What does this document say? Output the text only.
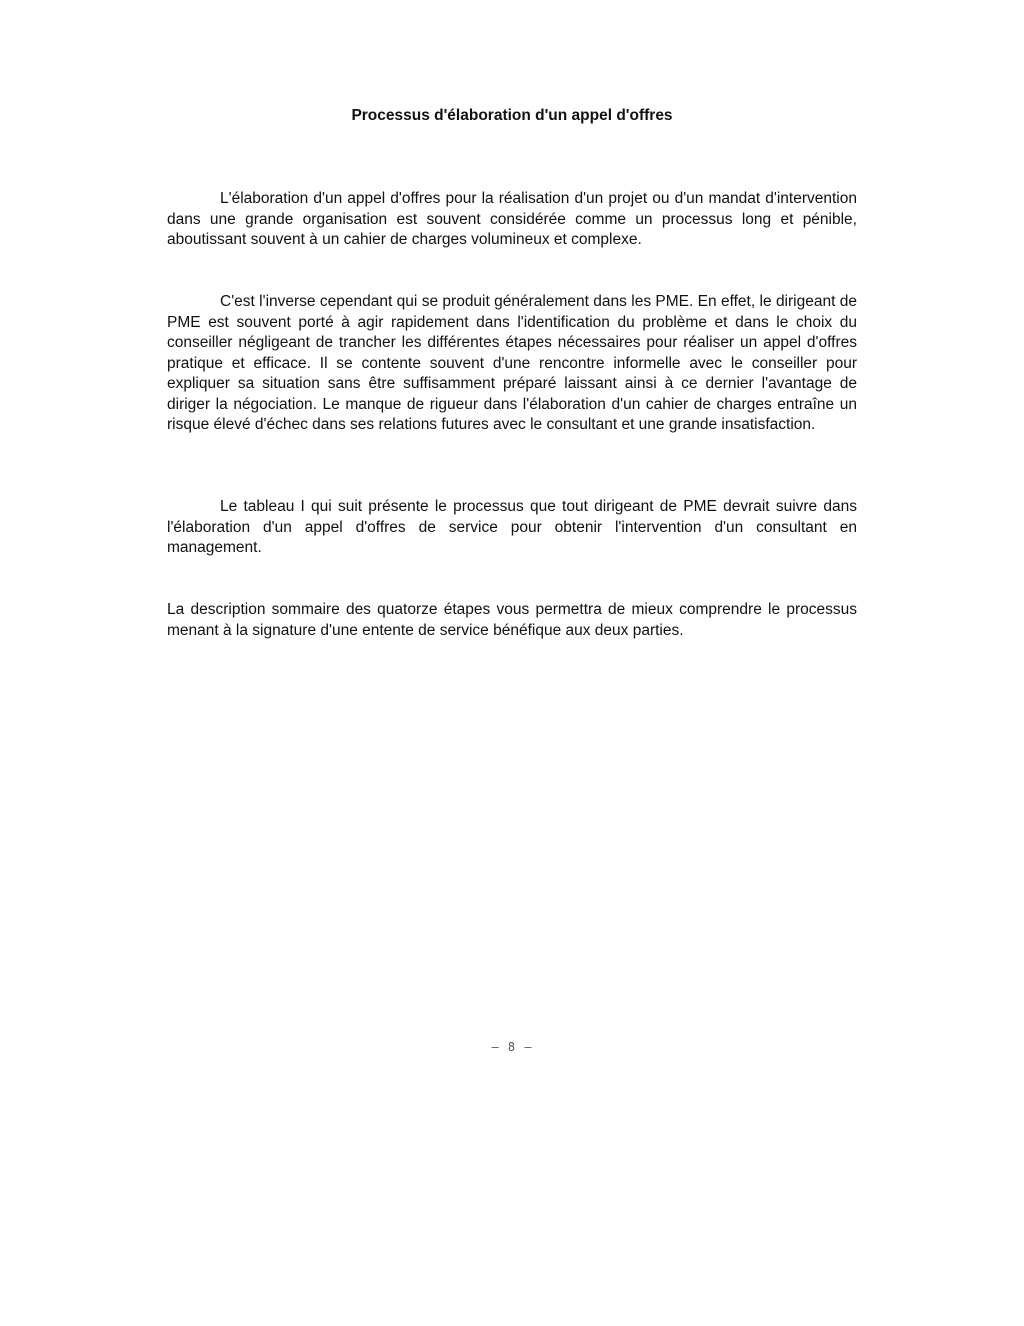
Processus d'élaboration d'un appel d'offres

L'élaboration d'un appel d'offres pour la réalisation d'un projet ou d'un mandat d'intervention dans une grande organisation est souvent considérée comme un processus long et pénible, aboutissant souvent à un cahier de charges volumineux et complexe.

C'est l'inverse cependant qui se produit généralement dans les PME. En effet, le dirigeant de PME est souvent porté à agir rapidement dans l'identification du problème et dans le choix du conseiller négligeant de trancher les différentes étapes nécessaires pour réaliser un appel d'offres pratique et efficace. Il se contente souvent d'une rencontre informelle avec le conseiller pour expliquer sa situation sans être suffisamment préparé laissant ainsi à ce dernier l'avantage de diriger la négociation. Le manque de rigueur dans l'élaboration d'un cahier de charges entraîne un risque élevé d'échec dans ses relations futures avec le consultant et une grande insatisfaction.

Le tableau I qui suit présente le processus que tout dirigeant de PME devrait suivre dans l'élaboration d'un appel d'offres de service pour obtenir l'intervention d'un consultant en management.

La description sommaire des quatorze étapes vous permettra de mieux comprendre le processus menant à la signature d'une entente de service bénéfique aux deux parties.

– 8 –
